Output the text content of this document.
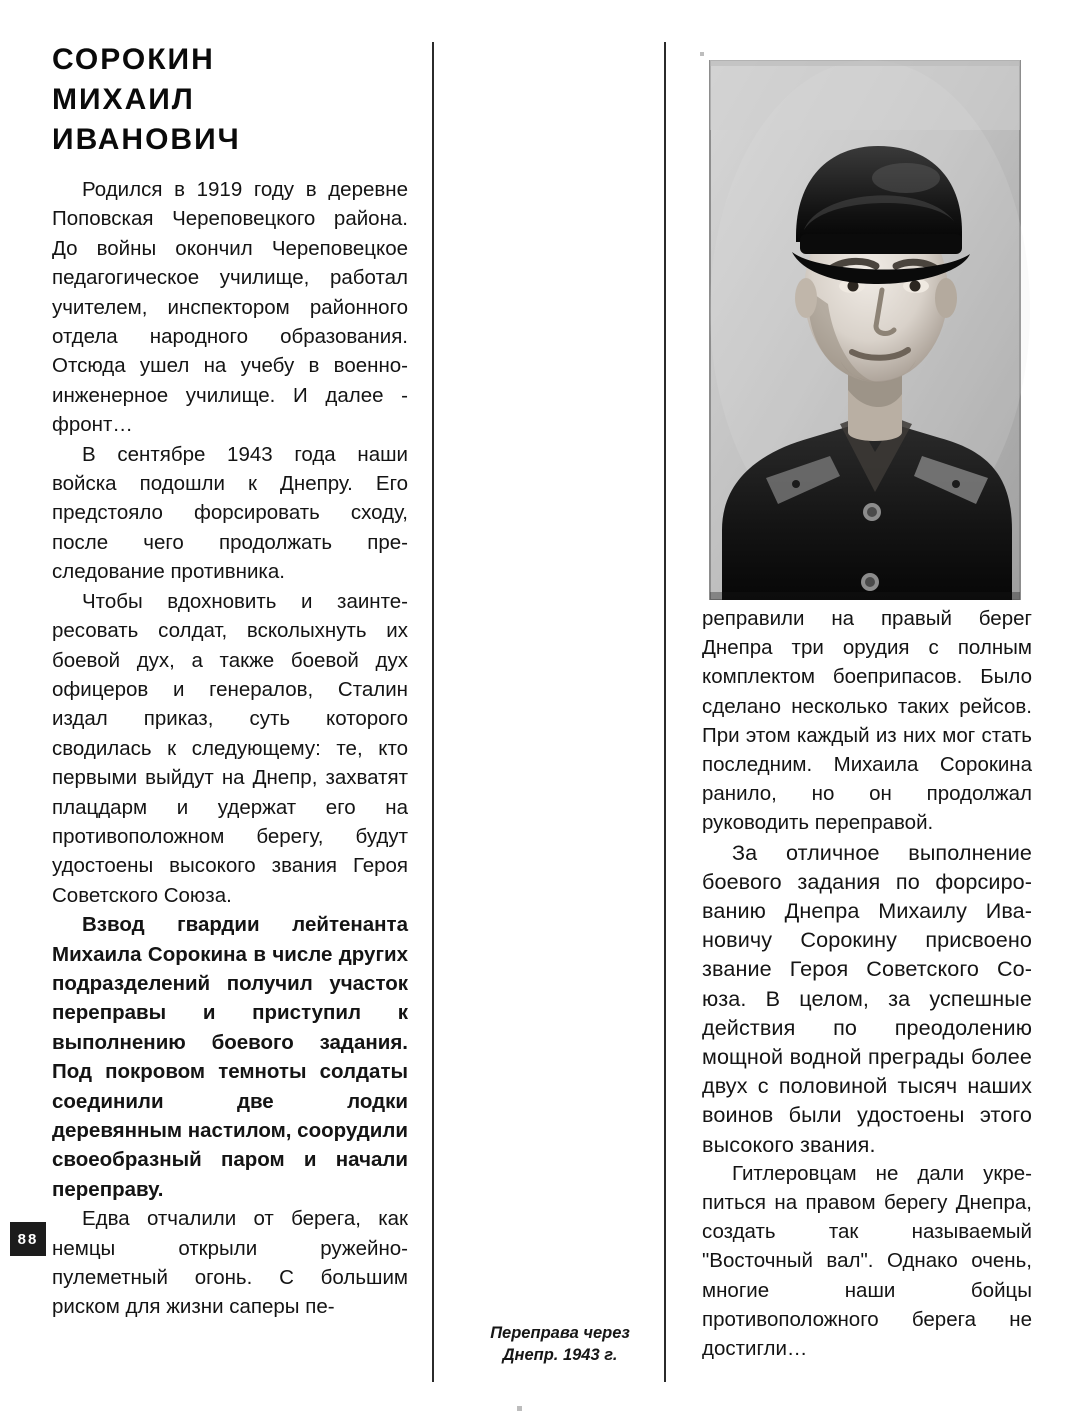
СОРОКИН
МИХАИЛ
ИВАНОВИЧ

Родился в 1919 году в деревне Поповская Череповецкого района. До войны окончил Череповецкое педагогическое училище, работал учителем, инспектором районного отдела народного образования. Отсюда ушел на учебу в военно-инженерное училище. И далее - фронт…

В сентябре 1943 года наши войска подошли к Днепру. Его предстояло форсировать сходу, после чего продолжать преследование противника.

Чтобы вдохновить и заинтересовать солдат, всколыхнуть их боевой дух, а также боевой дух офицеров и генералов, Сталин издал приказ, суть которого сводилась к следующему: те, кто первыми выйдут на Днепр, захватят плацдарм и удержат его на противоположном берегу, будут удостоены высокого звания Героя Советского Союза.

Взвод гвардии лейтенанта Михаила Сорокина в числе других подразделений получил участок переправы и приступил к выполнению боевого задания. Под покровом темноты солдаты соединили две лодки деревянным настилом, соорудили своеобразный паром и начали переправу.

Едва отчалили от берега, как немцы открыли ружейно-пулеметный огонь. С большим риском для жизни саперы пе-

Переправа через
Днепр. 1943 г.

реправили на правый берег Днепра три орудия с полным комплектом боеприпасов. Было сделано несколько таких рейсов. При этом каждый из них мог стать последним. Михаила Сорокина ранило, но он продолжал руководить переправой.

За отличное выполнение боевого задания по форсированию Днепра Михаилу Ивановичу Сорокину присвоено звание Героя Советского Союза. В целом, за успешные действия по преодолению мощной водной преграды более двух с половиной тысяч наших воинов были удостоены этого высокого звания.

Гитлеровцам не дали укрепиться на правом берегу Днепра, создать так называемый "Восточный вал". Однако очень, многие наши бойцы противоположного берега не достигли…

88
